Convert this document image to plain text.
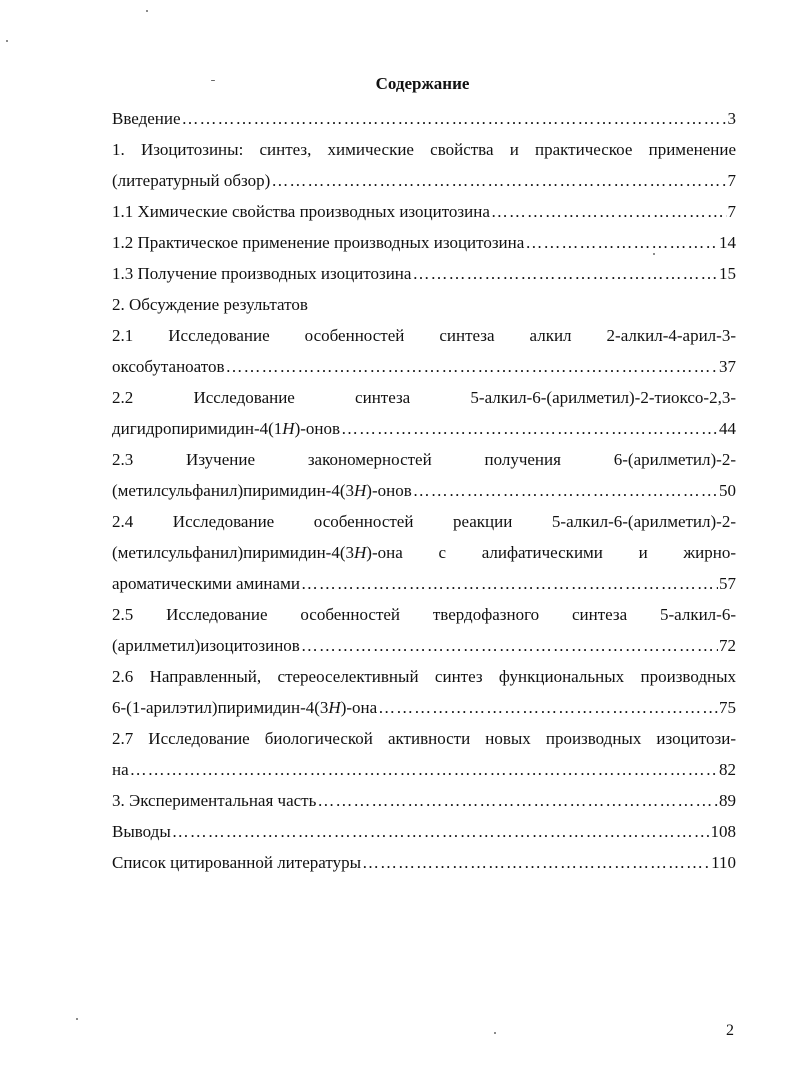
Содержание
Введение ……………………………………………………………………………………………………………………………………………………………	3
1. Изоцитозины: синтез, химические свойства и практическое применение
(литературный обзор) ……………………………………………………………………………………………………………………………………………………………	7
1.1 Химические свойства производных изоцитозина ……………………………………………………………………………………………………………………………………………………………	7
1.2 Практическое применение производных изоцитозина ……………………………………………………………………………………………………………………………………………………………	14
1.3 Получение производных изоцитозина ……………………………………………………………………………………………………………………………………………………………	15
2. Обсуждение результатов
2.1 Исследование особенностей синтеза алкил 2-алкил-4-арил-3-
оксобутаноатов ……………………………………………………………………………………………………………………………………………………………	37
2.2 Исследование синтеза 5-алкил-6-(арилметил)-2-тиоксо-2,3-
дигидропиримидин-4(1H)-онов ……………………………………………………………………………………………………………………………………………………………	44
2.3 Изучение закономерностей получения 6-(арилметил)-2-
(метилсульфанил)пиримидин-4(3H)-онов ……………………………………………………………………………………………………………………………………………………………	50
2.4 Исследование особенностей реакции 5-алкил-6-(арилметил)-2-
(метилсульфанил)пиримидин-4(3H)-она с алифатическими и жирно-
ароматическими аминами ……………………………………………………………………………………………………………………………………………………………	57
2.5 Исследование особенностей твердофазного синтеза 5-алкил-6-
(арилметил)изоцитозинов ……………………………………………………………………………………………………………………………………………………………	72
2.6 Направленный, стереоселективный синтез функциональных производных
6-(1-арилэтил)пиримидин-4(3H)-она ……………………………………………………………………………………………………………………………………………………………	75
2.7 Исследование биологической активности новых производных изоцитози-
на ……………………………………………………………………………………………………………………………………………………………	82
3. Экспериментальная часть ……………………………………………………………………………………………………………………………………………………………	89
Выводы ……………………………………………………………………………………………………………………………………………………………	108
Список цитированной литературы ……………………………………………………………………………………………………………………………………………………………	110
2
